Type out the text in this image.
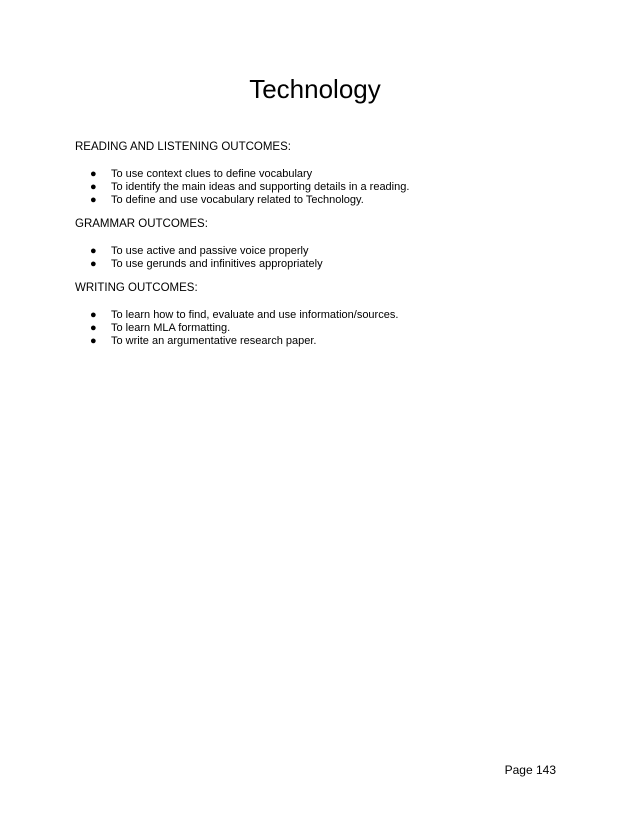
Technology

READING AND LISTENING OUTCOMES:

● To use context clues to define vocabulary
● To identify the main ideas and supporting details in a reading.
● To define and use vocabulary related to Technology.

GRAMMAR OUTCOMES:

● To use active and passive voice properly
● To use gerunds and infinitives appropriately

WRITING OUTCOMES:

● To learn how to find, evaluate and use information/sources.
● To learn MLA formatting.
● To write an argumentative research paper.

Page 143
